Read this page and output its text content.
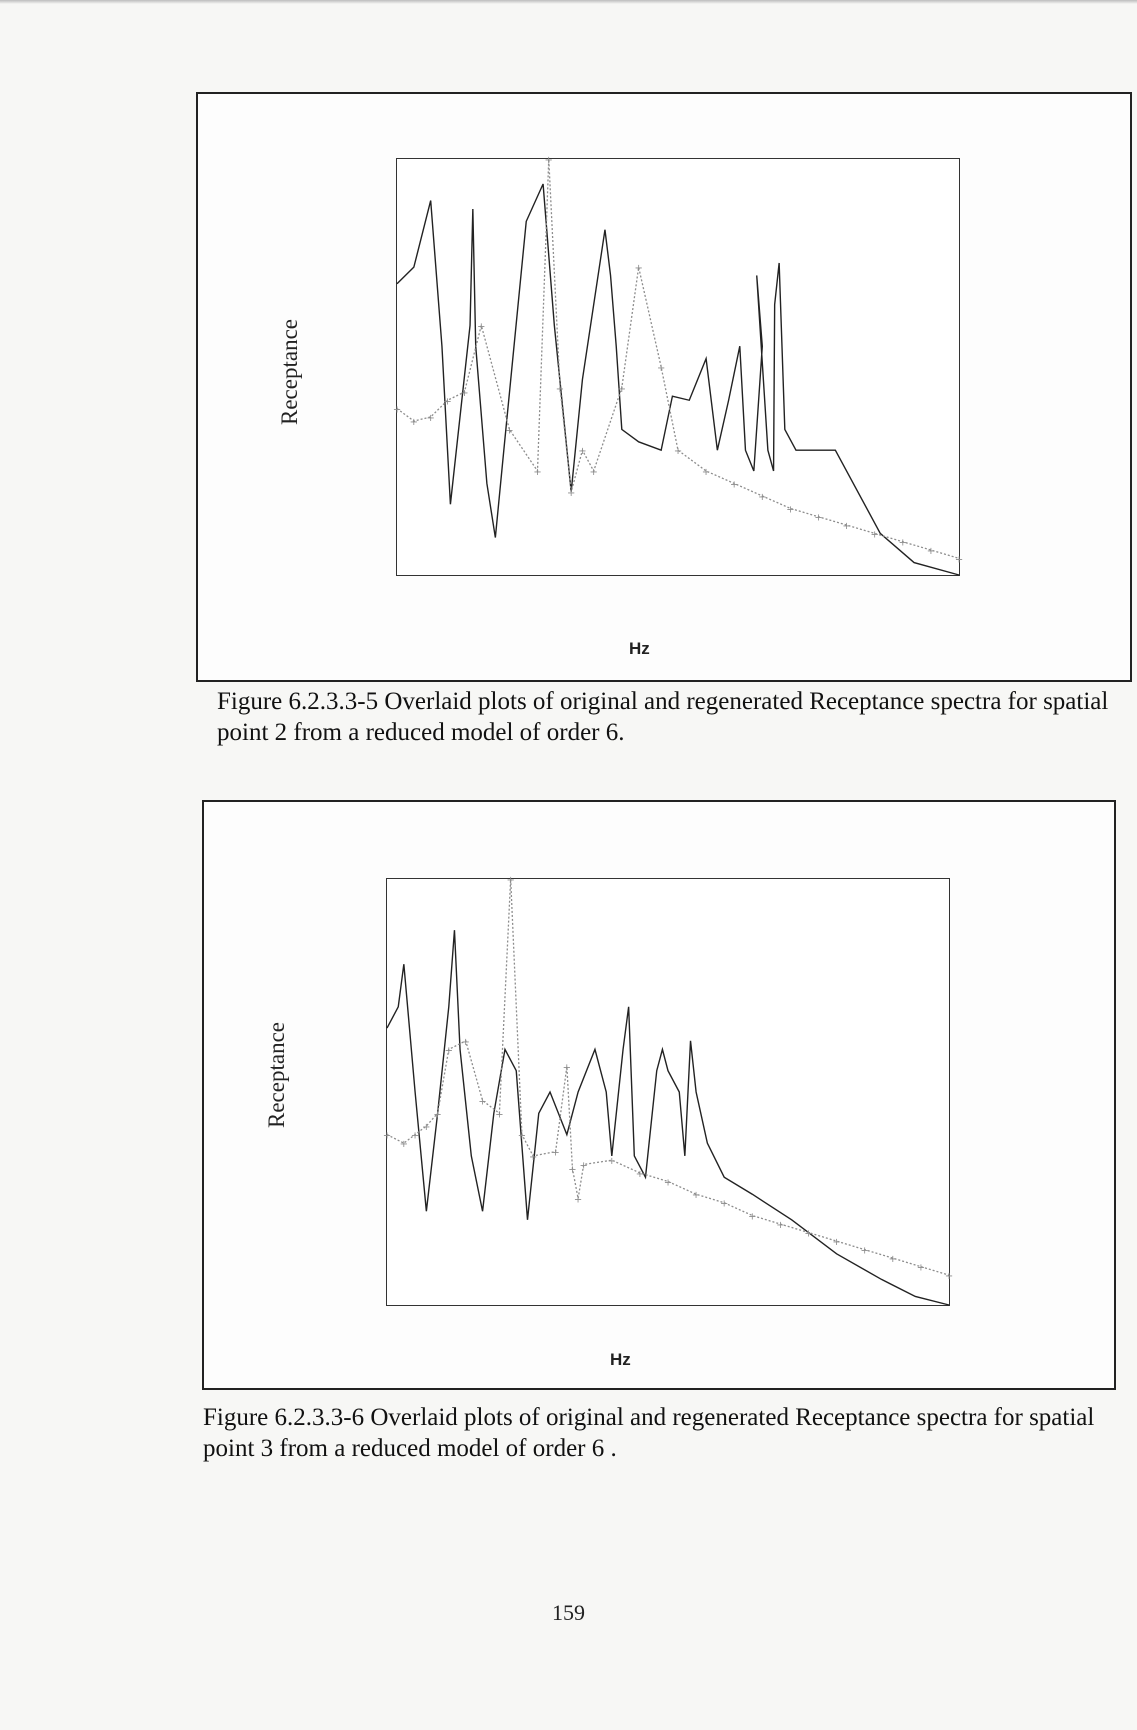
Receptance	+
+ +
+
+
+
+
+
+
+
+
+
+
+
+
+
+
+
+
+
+
+
+
+
+
+
+
Hz
Figure 6.2.3.3-5 Overlaid plots of original and regenerated Receptance spectra for spatial
point 2 from a reduced model of order 6.
Receptance
+
+
+
+
+
+
+
+
+
+
+
+ +
+
+
+
+ +
+
+
+
+
+
+
+
+
+
+
+
+
Hz
Figure 6.2.3.3-6 Overlaid plots of original and regenerated Receptance spectra for spatial
point 3 from a reduced model of order 6 .
159
